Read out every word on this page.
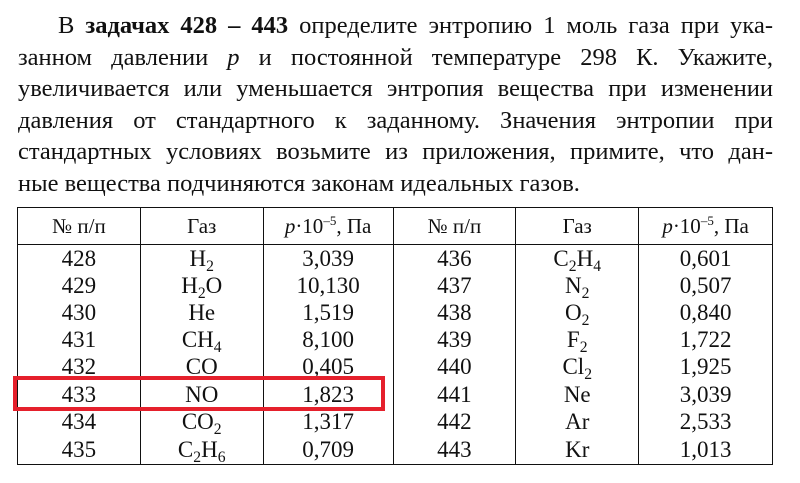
В задачах 428 – 443 определите энтропию 1 моль газа при ука-
занном давлении p и постоянной температуре 298 К. Укажите,
увеличивается или уменьшается энтропия вещества при изменении
давления от стандартного к заданному. Значения энтропии при
стандартных условиях возьмите из приложения, примите, что дан-
ные вещества подчиняются законам идеальных газов.
№ п/п	Газ	$p\cdot 10^{-5}$, Па	№ п/п	Газ	$p\cdot 10^{-5}$, Па
428	$H_2$	3,039	436	$C_2H_4$	0,601
429	$H_2O$	10,130	437	$N_2$	0,507
430	He	1,519	438	$O_2$	0,840
431	$CH_4$	8,100	439	$F_2$	1,722
432	CO	0,405	440	$Cl_2$	1,925
433	NO	1,823	441	Ne	3,039
434	$CO_2$	1,317	442	Ar	2,533
435	$C_2H_6$	0,709	443	Kr	1,013
